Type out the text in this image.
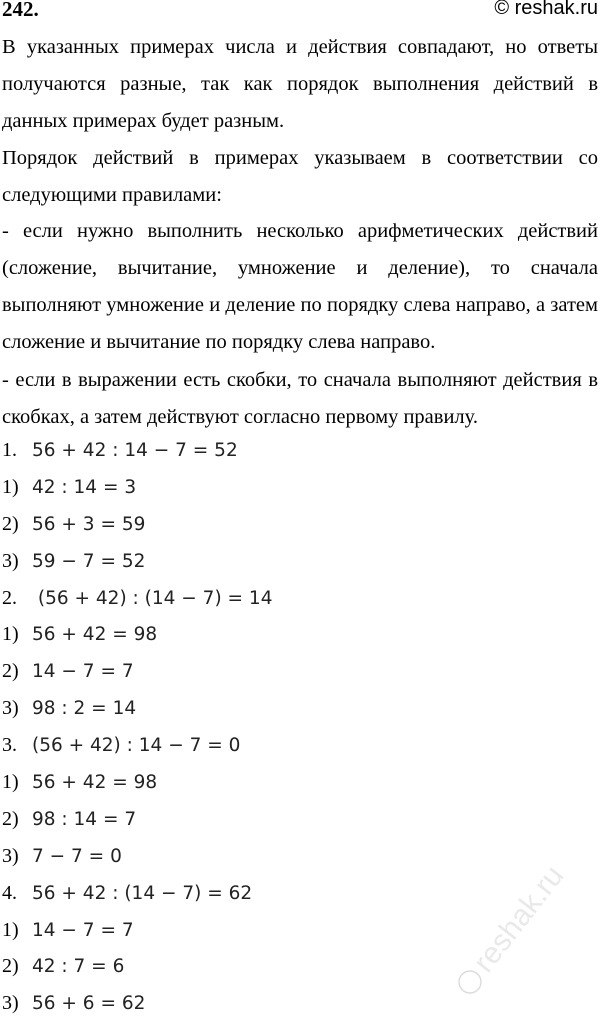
242.	© reshak.ru
В указанных примерах числа и действия совпадают, но ответы получаются разные, так как порядок выполнения действий в данных примерах будет разным.
Порядок действий в примерах указываем в соответствии со следующими правилами:
- если нужно выполнить несколько арифметических действий (сложение, вычитание, умножение и деление), то сначала выполняют умножение и деление по порядку слева направо, а затем сложение и вычитание по порядку слева направо.
- если в выражении есть скобки, то сначала выполняют действия в скобках, а затем действуют согласно первому правилу.
1. 56 + 42 : 14 − 7 = 52
1) 42 : 14 = 3
2) 56 + 3 = 59
3) 59 − 7 = 52
2. (56 + 42) : (14 − 7) = 14
1) 56 + 42 = 98
2) 14 − 7 = 7
3) 98 : 2 = 14
3. (56 + 42) : 14 − 7 = 0
1) 56 + 42 = 98
2) 98 : 14 = 7
3) 7 − 7 = 0
4. 56 + 42 : (14 − 7) = 62
1) 14 − 7 = 7
2) 42 : 7 = 6
3) 56 + 6 = 62
reshak.ru
